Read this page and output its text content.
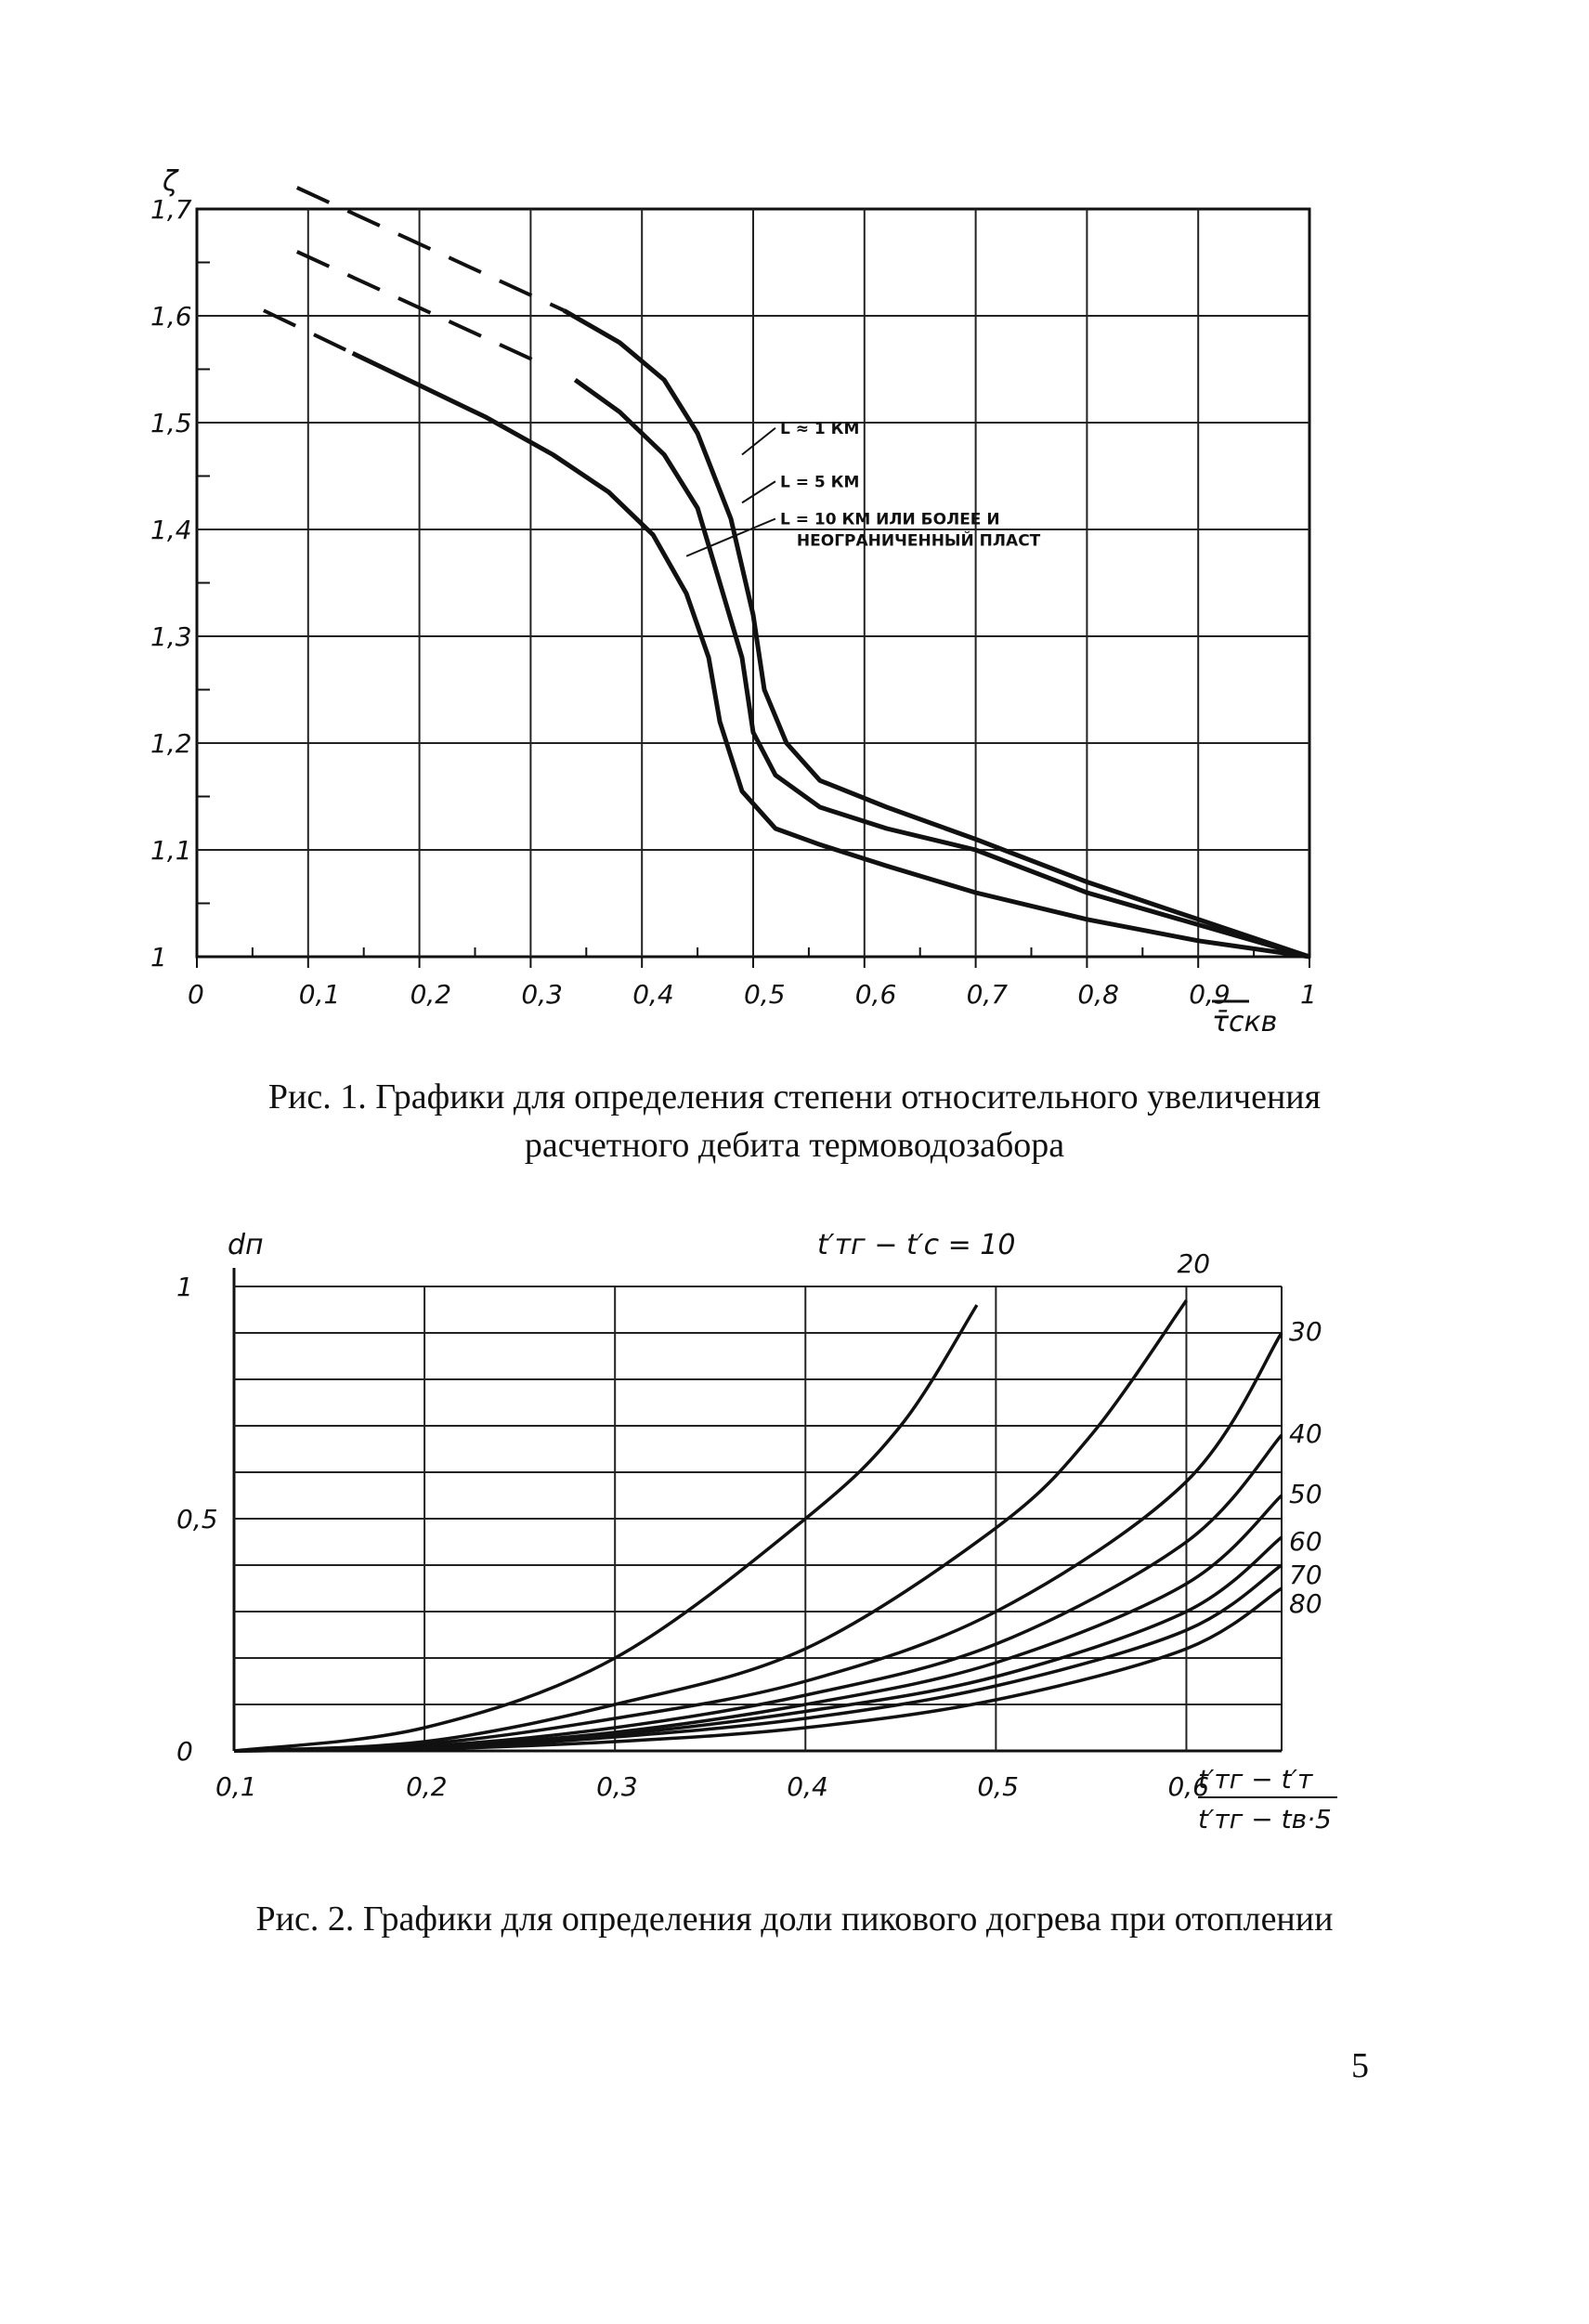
0	0,1	0,2	0,3	0,4	0,5	0,6	0,7	0,8	0,9	1
1
1,1
1,2
1,3
1,4
1,5
1,6
1,7
L ≈ 1 КМ
L = 5 КМ
L = 10 КМ ИЛИ БОЛЕЕ И
НЕОГРАНИЧЕННЫЙ ПЛАСТ
ζ
τ̄скв
Рис. 1. Графики для определения степени относительного увеличения
расчетного дебита термоводозабора
0,1	0,2	0,3	0,4	0,5	0,6
0
0,5
1
20
30
40
50
60
70
80
dп	t′тг − t′с = 10
t′тг − t′т
t′тг − tв·5
Рис. 2. Графики для определения доли пикового догрева при отоплении
5
